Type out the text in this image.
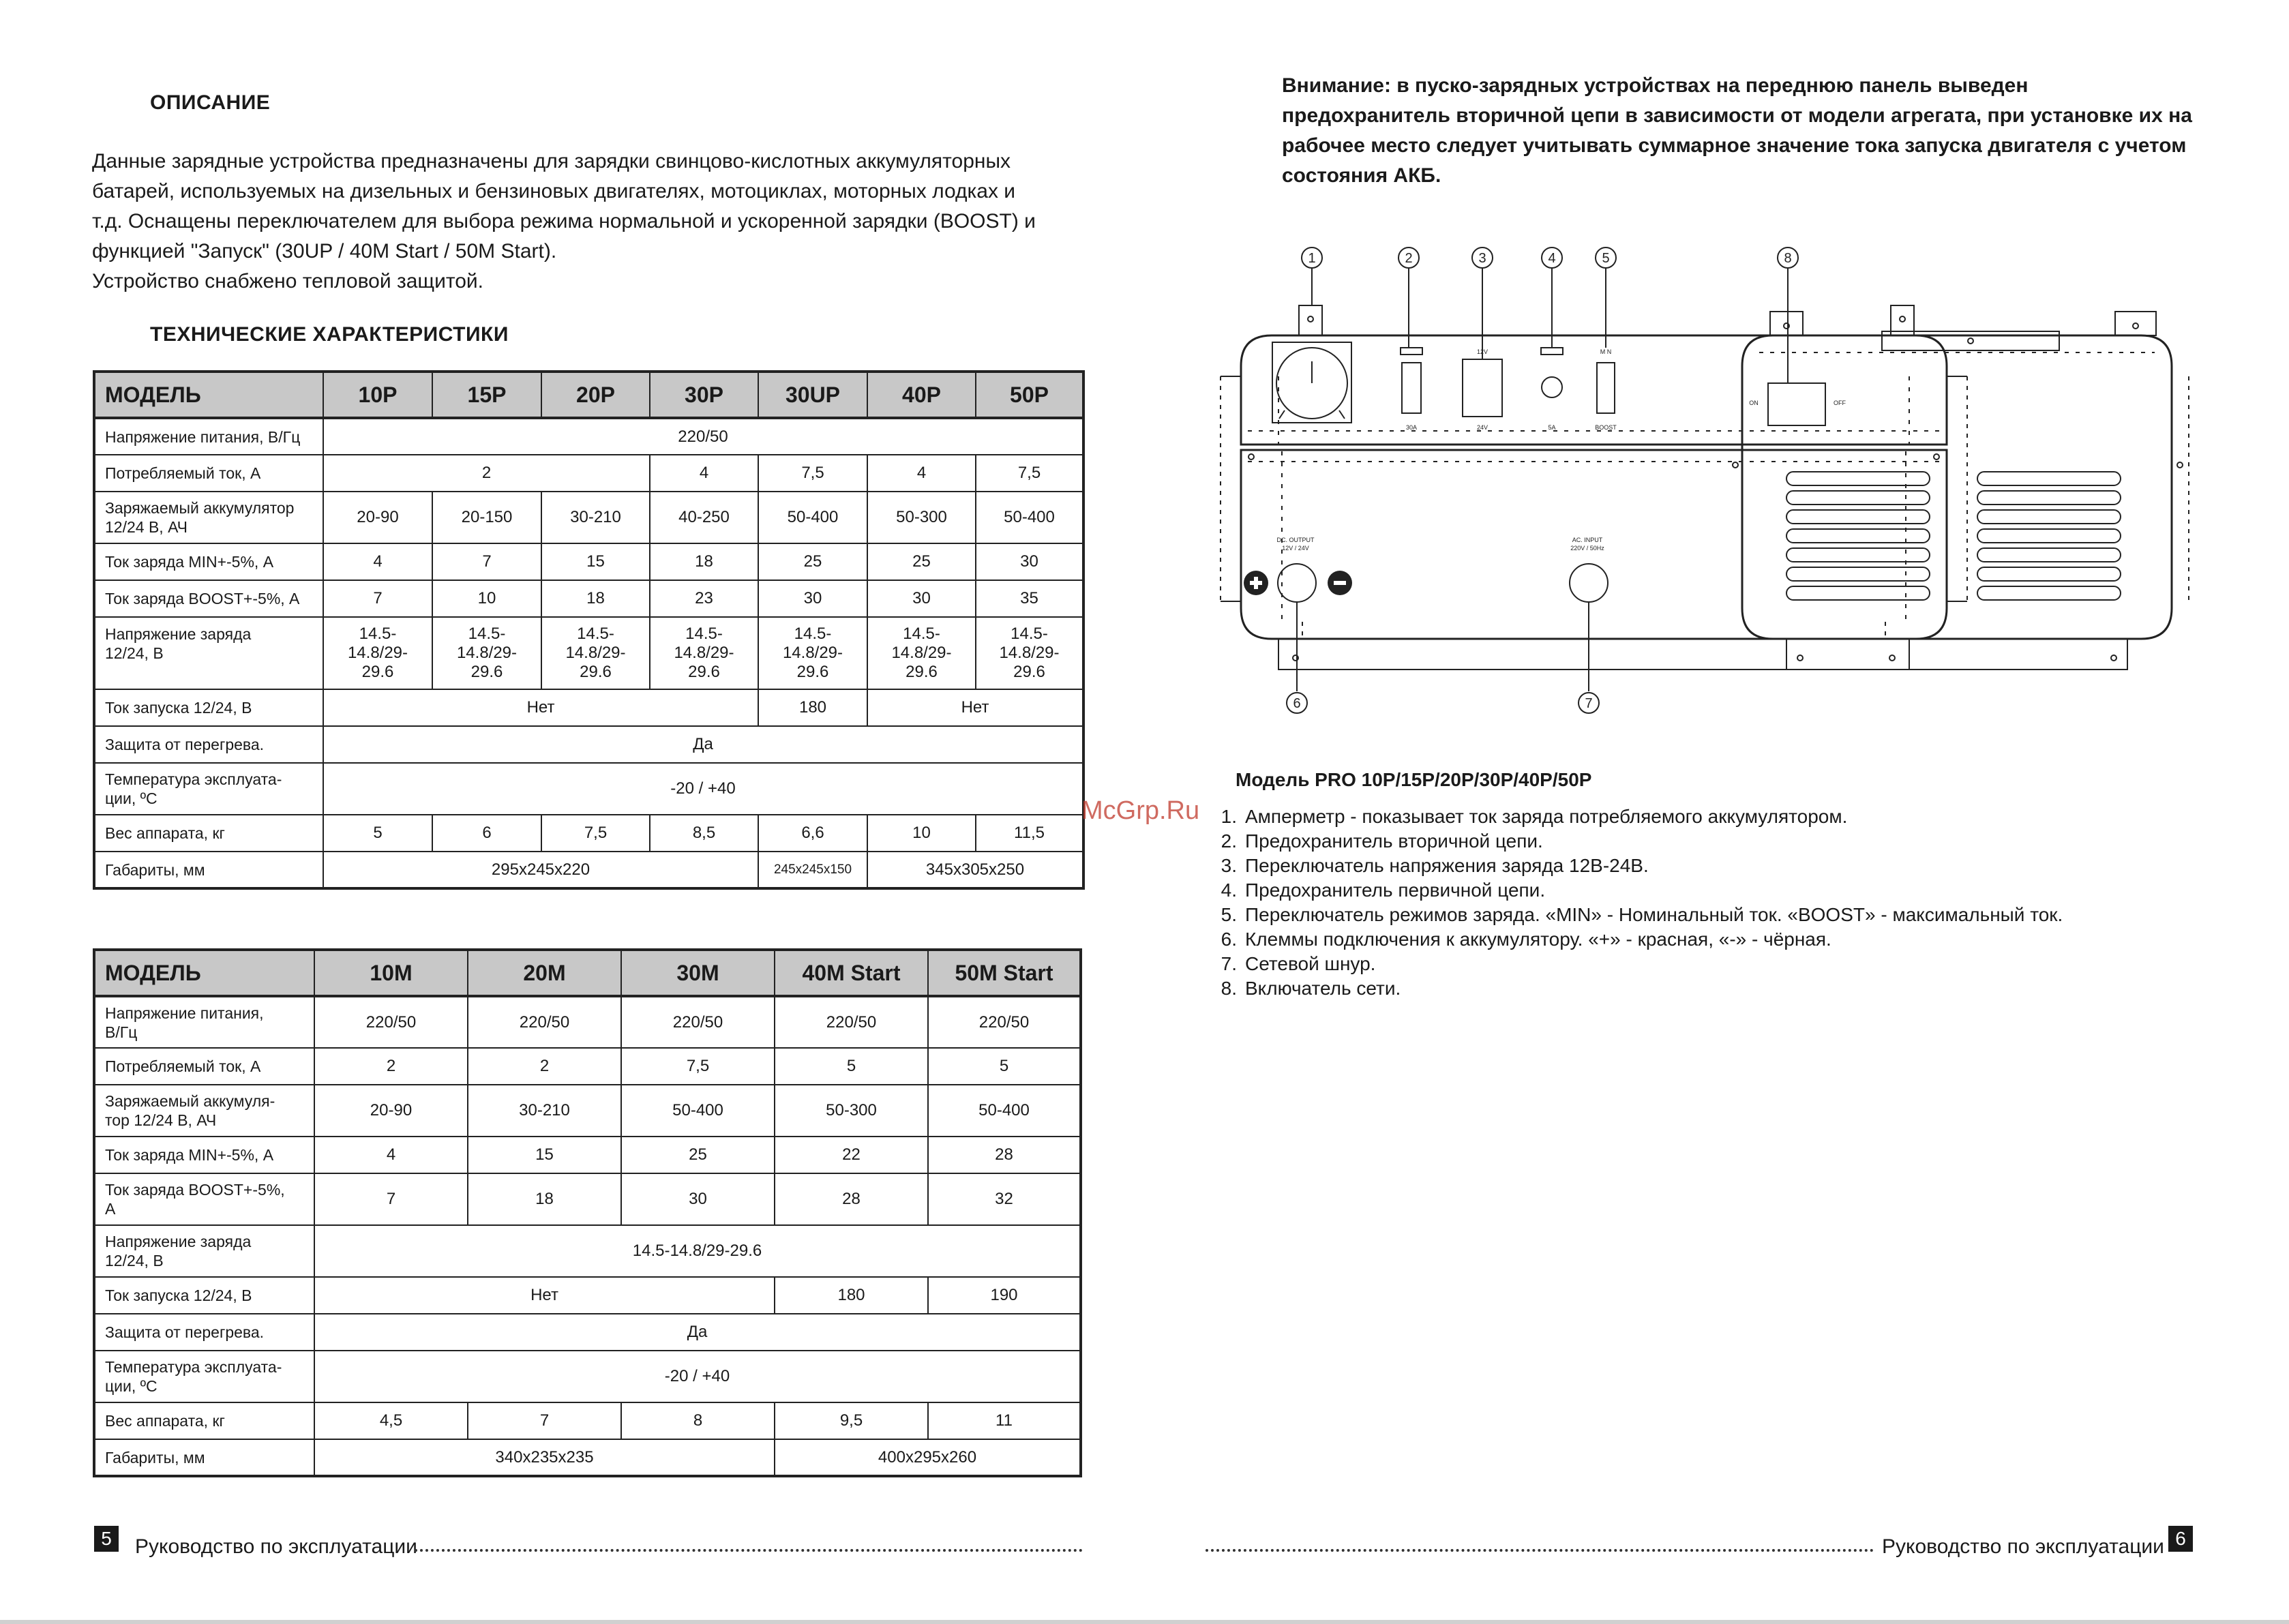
ОПИСАНИЕ
Данные зарядные устройства предназначены для зарядки свинцово-кислотных аккумуляторных
батарей, используемых на дизельных и бензиновых двигателях, мотоциклах, моторных лодках и
т.д. Оснащены переключателем для выбора режима нормальной и ускоренной зарядки (BOOST) и
функцией "Запуск" (30UP / 40M Start / 50M Start).
Устройство снабжено тепловой защитой.
ТЕХНИЧЕСКИЕ ХАРАКТЕРИСТИКИ
МОДЕЛЬ	10P	15P	20P	30P	30UP	40P	50P
Напряжение питания, В/Гц	220/50						
Потребляемый ток, А	2			4	7,5	4	7,5
Заряжаемый аккумулятор
12/24 В, АЧ	20-90	20-150	30-210	40-250	50-400	50-300	50-400
Ток заряда MIN+-5%, А	4	7	15	18	25	25	30
Ток заряда BOOST+-5%, А	7	10	18	23	30	30	35
Напряжение заряда
12/24, В	14.5-
14.8/29-
29.6	14.5-
14.8/29-
29.6	14.5-
14.8/29-
29.6	14.5-
14.8/29-
29.6	14.5-
14.8/29-
29.6	14.5-
14.8/29-
29.6	14.5-
14.8/29-
29.6
Ток запуска 12/24, В	Нет				180	Нет	
Защита от перегрева.	Да						
Температура эксплуата-
ции, ºС	-20 / +40						
Вес аппарата, кг	5	6	7,5	8,5	6,6	10	11,5
Габариты, мм	295x245x220				245x245x150	345x305x250	
МОДЕЛЬ	10M	20M	30M	40M Start	50M Start
Напряжение питания,
В/Гц	220/50	220/50	220/50	220/50	220/50
Потребляемый ток, А	2	2	7,5	5	5
Заряжаемый аккумуля-
тор 12/24 В, АЧ	20-90	30-210	50-400	50-300	50-400
Ток заряда MIN+-5%, А	4	15	25	22	28
Ток заряда BOOST+-5%,
А	7	18	30	28	32
Напряжение заряда
12/24, В	14.5-14.8/29-29.6				
Ток запуска 12/24, В	Нет			180	190
Защита от перегрева.	Да				
Температура эксплуата-
ции, ºС	-20 / +40				
Вес аппарата, кг	4,5	7	8	9,5	11
Габариты, мм	340x235x235			400x295x260	
5	Руководство по эксплуатации
Внимание: в пуско-зарядных устройствах на переднюю панель выведен
предохранитель вторичной цепи в зависимости от модели агрегата, при установке их на
рабочее место следует учитывать суммарное значение тока запуска двигателя с учетом
состояния АКБ.
30A
12V
24V	5A
M N
BOOST
DC. OUTPUT
12V / 24V
AC. INPUT
220V / 50Hz
ON	OFF
1	2	3	4	5
6	7
8
Модель PRO 10P/15P/20P/30P/40P/50P
McGrp.Ru	1. Амперметр - показывает ток заряда потребляемого аккумулятором.
2. Предохранитель вторичной цепи.
3. Переключатель напряжения заряда 12В-24В.
4. Предохранитель первичной цепи.
5. Переключатель режимов заряда. «MIN» - Номинальный ток. «BOOST» - максимальный ток.
6. Клеммы подключения к аккумулятору. «+» - красная, «-» - чёрная.
7. Сетевой шнур.
8. Включатель сети.
Руководство по эксплуатации 6
